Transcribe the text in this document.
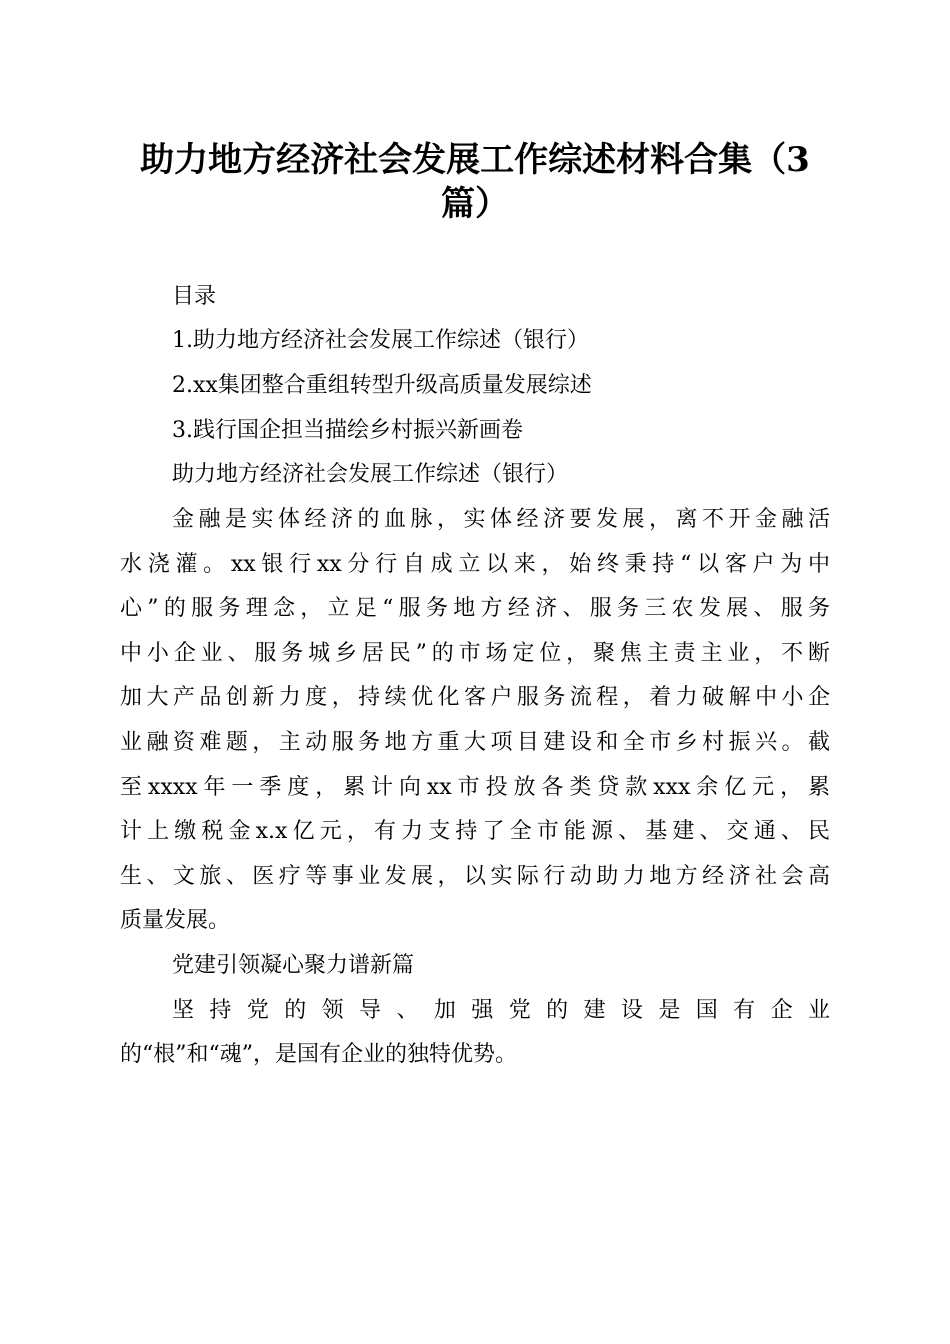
助力地方经济社会发展工作综述材料合集（3
篇）

目录

1.助力地方经济社会发展工作综述（银行）

2.xx集团整合重组转型升级高质量发展综述

3.践行国企担当描绘乡村振兴新画卷

助力地方经济社会发展工作综述（银行）

金融是实体经济的血脉，实体经济要发展，离不开金融活

水浇灌。xx银行xx分行自成立以来，始终秉持“以客户为中

心”的服务理念，立足“服务地方经济、服务三农发展、服务

中小企业、服务城乡居民”的市场定位，聚焦主责主业，不断

加大产品创新力度，持续优化客户服务流程，着力破解中小企

业融资难题，主动服务地方重大项目建设和全市乡村振兴。截

至xxxx年一季度，累计向xx市投放各类贷款xxx余亿元，累

计上缴税金x.x亿元，有力支持了全市能源、基建、交通、民

生、文旅、医疗等事业发展，以实际行动助力地方经济社会高

质量发展。

党建引领凝心聚力谱新篇

坚持党的领导、加强党的建设是国有企业

的“根”和“魂”，是国有企业的独特优势。
